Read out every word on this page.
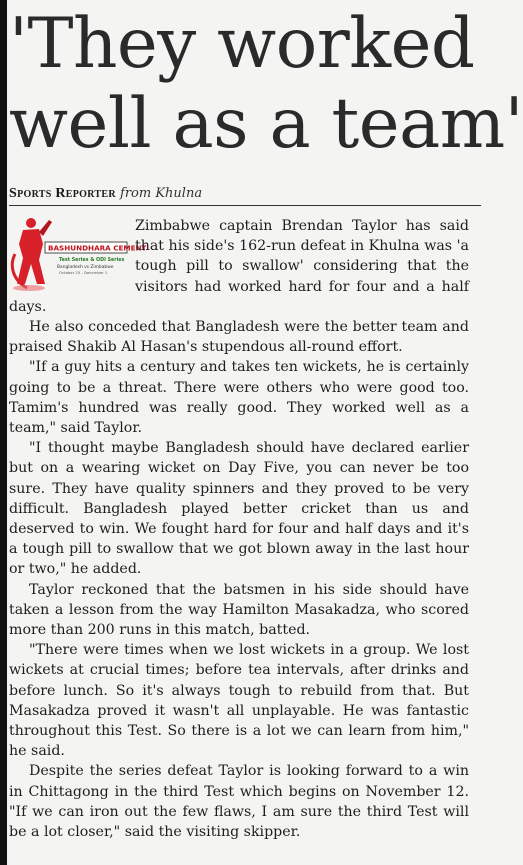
'They worked
well as a team'
Sports Reporter from Khulna
BASHUNDHARA CEMENT
Test Series & ODI Series
Bangladesh vs Zimbabwe
October 25 - December 1

Zimbabwe captain Brendan Taylor has said that his side's 162-run defeat in Khulna was 'a tough pill to swallow' considering that the visitors had worked hard for four and a half days.

He also conceded that Bangladesh were the better team and praised Shakib Al Hasan's stupendous all-round effort.

"If a guy hits a century and takes ten wickets, he is certainly going to be a threat. There were others who were good too. Tamim's hundred was really good. They worked well as a team," said Taylor.

"I thought maybe Bangladesh should have declared earlier but on a wearing wicket on Day Five, you can never be too sure. They have quality spinners and they proved to be very difficult. Bangladesh played better cricket than us and deserved to win. We fought hard for four and half days and it's a tough pill to swallow that we got blown away in the last hour or two," he added.

Taylor reckoned that the batsmen in his side should have taken a lesson from the way Hamilton Masakadza, who scored more than 200 runs in this match, batted.

"There were times when we lost wickets in a group. We lost wickets at crucial times; before tea intervals, after drinks and before lunch. So it's always tough to rebuild from that. But Masakadza proved it wasn't all unplayable. He was fantastic throughout this Test. So there is a lot we can learn from him," he said.

Despite the series defeat Taylor is looking forward to a win in Chittagong in the third Test which begins on November 12. "If we can iron out the few flaws, I am sure the third Test will be a lot closer," said the visiting skipper.
